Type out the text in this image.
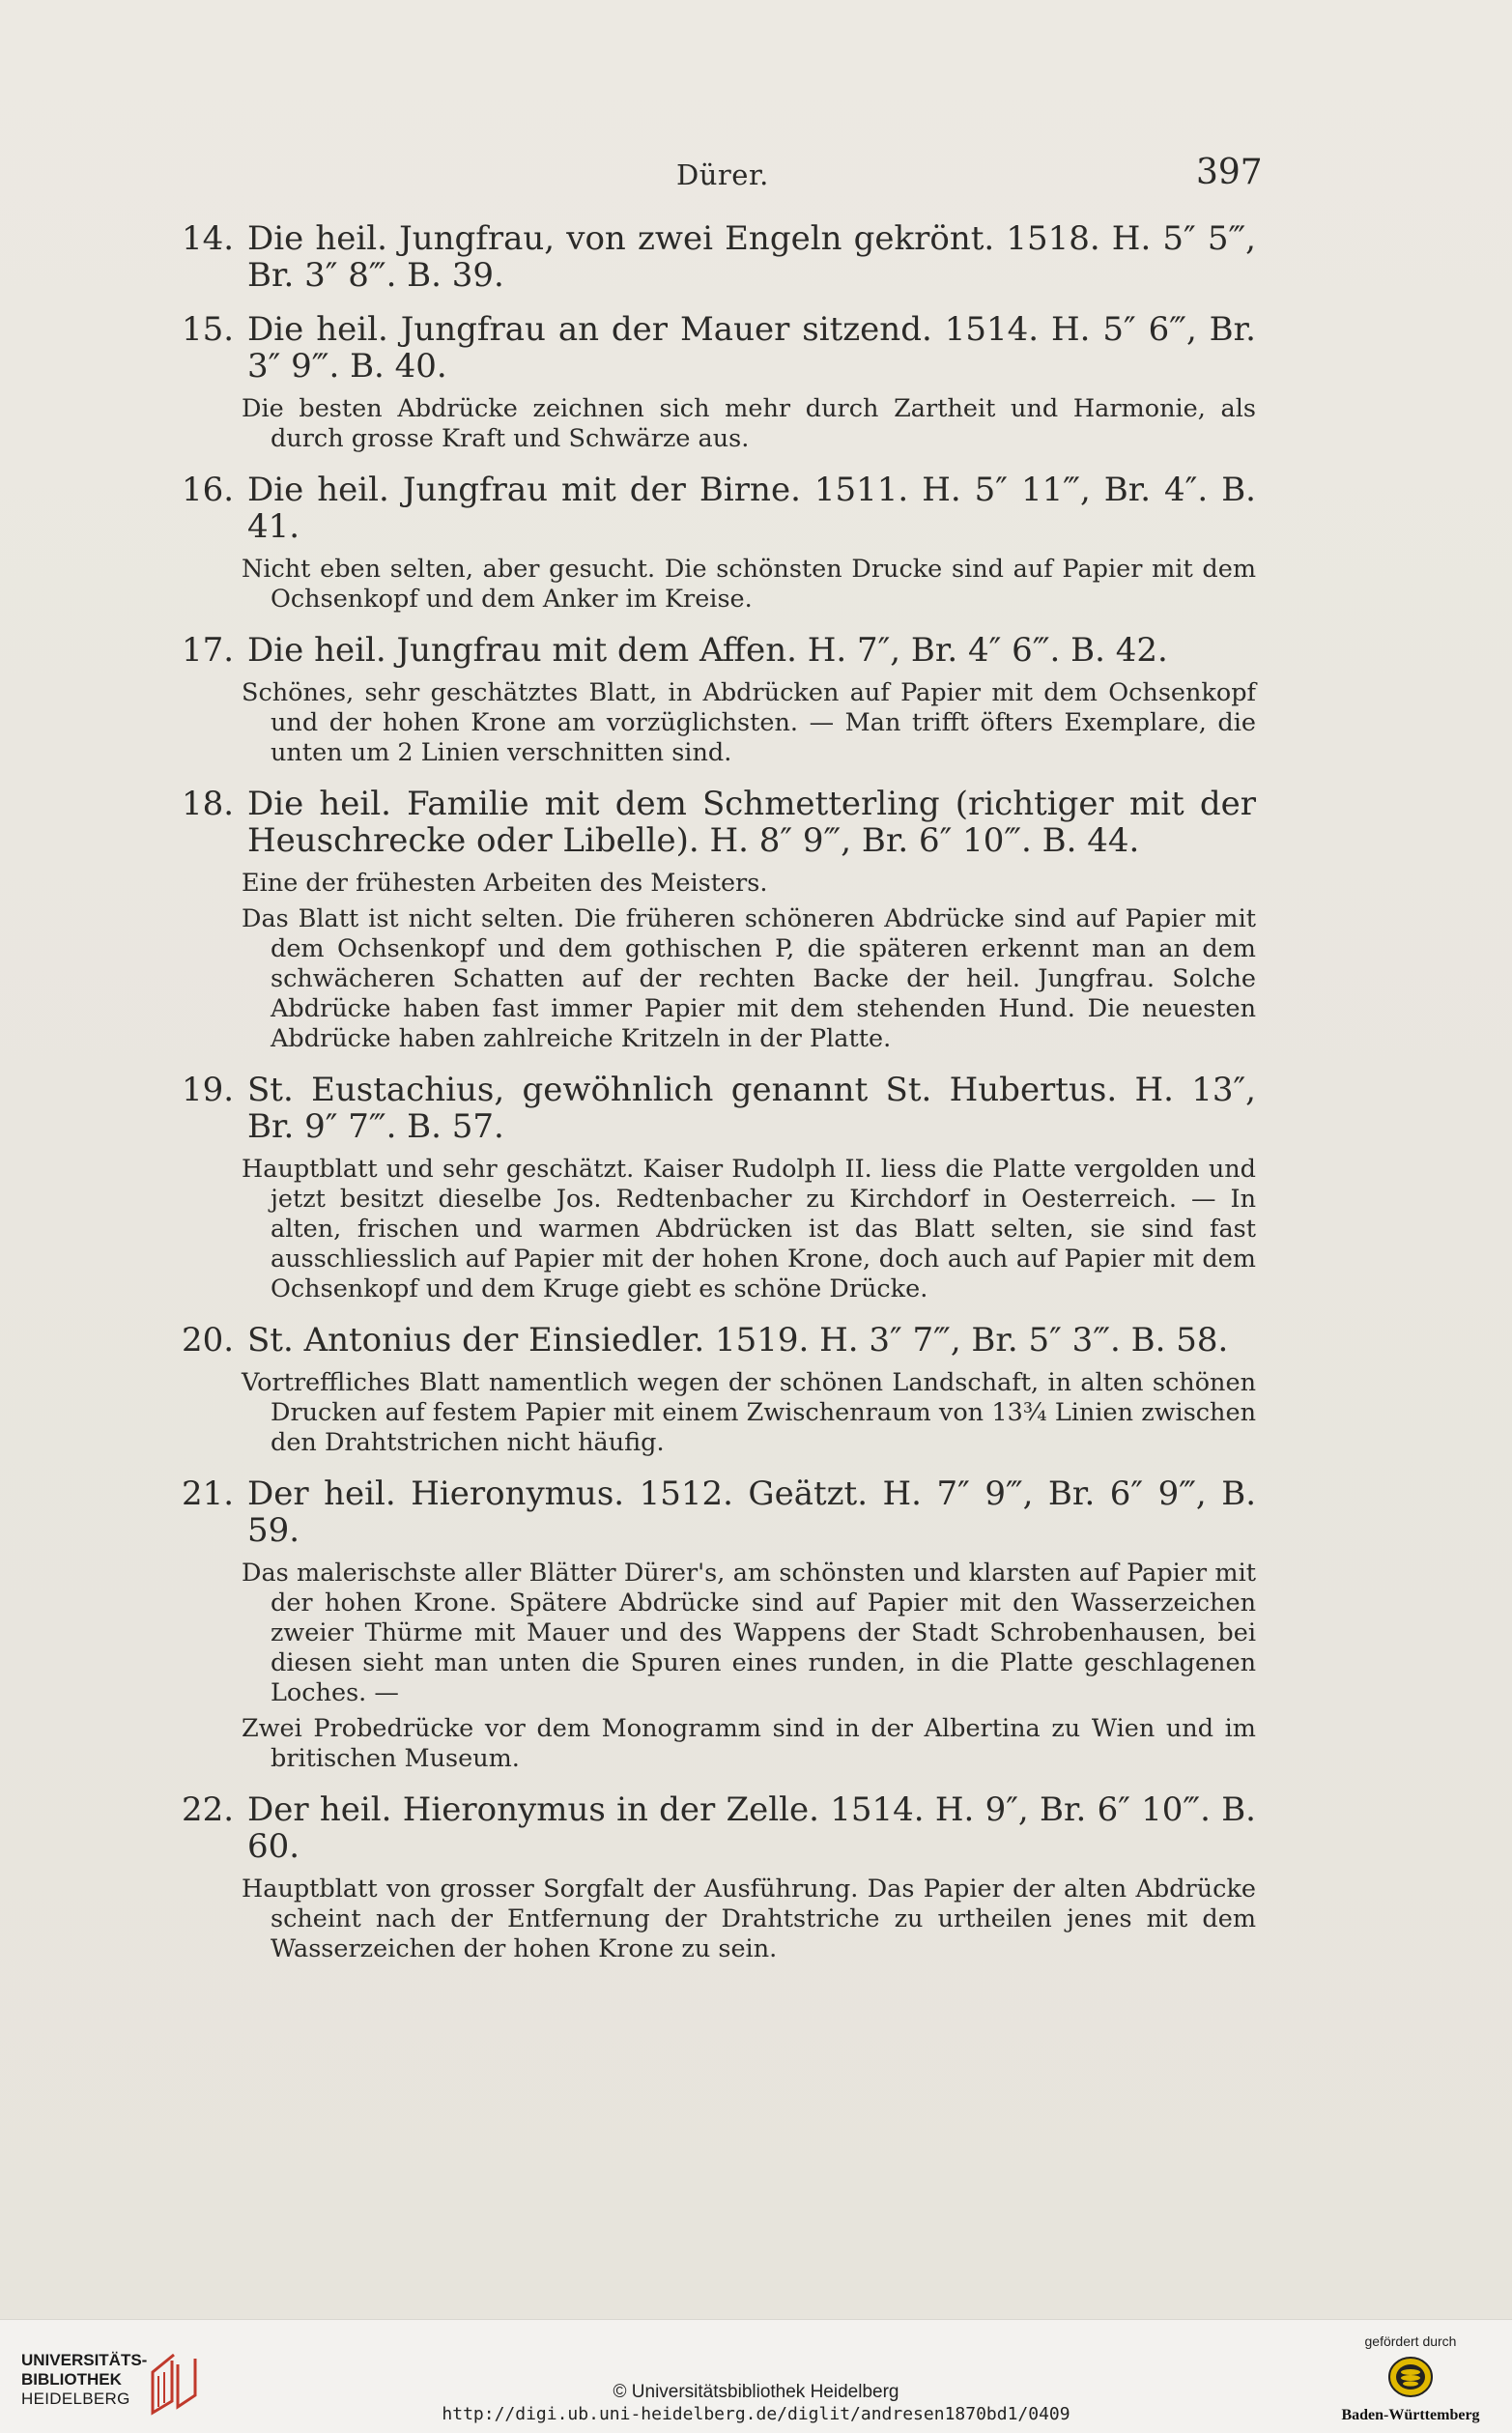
Dürer.	397
14. Die heil. Jungfrau, von zwei Engeln gekrönt. 1518. H. 5″ 5‴, Br. 3″ 8‴. B. 39.
15. Die heil. Jungfrau an der Mauer sitzend. 1514. H. 5″ 6‴, Br. 3″ 9‴. B. 40.
Die besten Abdrücke zeichnen sich mehr durch Zartheit und Harmonie, als durch grosse Kraft und Schwärze aus.
16. Die heil. Jungfrau mit der Birne. 1511. H. 5″ 11‴, Br. 4″. B. 41.
Nicht eben selten, aber gesucht. Die schönsten Drucke sind auf Papier mit dem Ochsenkopf und dem Anker im Kreise.
17. Die heil. Jungfrau mit dem Affen. H. 7″, Br. 4″ 6‴. B. 42.
Schönes, sehr geschätztes Blatt, in Abdrücken auf Papier mit dem Ochsenkopf und der hohen Krone am vorzüglichsten. — Man trifft öfters Exemplare, die unten um 2 Linien verschnitten sind.
18. Die heil. Familie mit dem Schmetterling (richtiger mit der Heuschrecke oder Libelle). H. 8″ 9‴, Br. 6″ 10‴. B. 44.
Eine der frühesten Arbeiten des Meisters.
Das Blatt ist nicht selten. Die früheren schöneren Abdrücke sind auf Papier mit dem Ochsenkopf und dem gothischen P, die späteren erkennt man an dem schwächeren Schatten auf der rechten Backe der heil. Jungfrau. Solche Abdrücke haben fast immer Papier mit dem stehenden Hund. Die neuesten Abdrücke haben zahlreiche Kritzeln in der Platte.
19. St. Eustachius, gewöhnlich genannt St. Hubertus. H. 13″, Br. 9″ 7‴. B. 57.
Hauptblatt und sehr geschätzt. Kaiser Rudolph II. liess die Platte vergolden und jetzt besitzt dieselbe Jos. Redtenbacher zu Kirchdorf in Oesterreich. — In alten, frischen und warmen Abdrücken ist das Blatt selten, sie sind fast ausschliesslich auf Papier mit der hohen Krone, doch auch auf Papier mit dem Ochsenkopf und dem Kruge giebt es schöne Drücke.
20. St. Antonius der Einsiedler. 1519. H. 3″ 7‴, Br. 5″ 3‴. B. 58.
Vortreffliches Blatt namentlich wegen der schönen Landschaft, in alten schönen Drucken auf festem Papier mit einem Zwischenraum von 13¾ Linien zwischen den Drahtstrichen nicht häufig.
21. Der heil. Hieronymus. 1512. Geätzt. H. 7″ 9‴, Br. 6″ 9‴, B. 59.
Das malerischste aller Blätter Dürer's, am schönsten und klarsten auf Papier mit der hohen Krone. Spätere Abdrücke sind auf Papier mit den Wasserzeichen zweier Thürme mit Mauer und des Wappens der Stadt Schrobenhausen, bei diesen sieht man unten die Spuren eines runden, in die Platte geschlagenen Loches. —
Zwei Probedrücke vor dem Monogramm sind in der Albertina zu Wien und im britischen Museum.
22. Der heil. Hieronymus in der Zelle. 1514. H. 9″, Br. 6″ 10‴. B. 60.
Hauptblatt von grosser Sorgfalt der Ausführung. Das Papier der alten Abdrücke scheint nach der Entfernung der Drahtstriche zu urtheilen jenes mit dem Wasserzeichen der hohen Krone zu sein.
UNIVERSITÄTS-
BIBLIOTHEK
HEIDELBERG	© Universitätsbibliothek Heidelberg
http://digi.ub.uni-heidelberg.de/diglit/andresen1870bd1/0409
gefördert durch
Baden-Württemberg
